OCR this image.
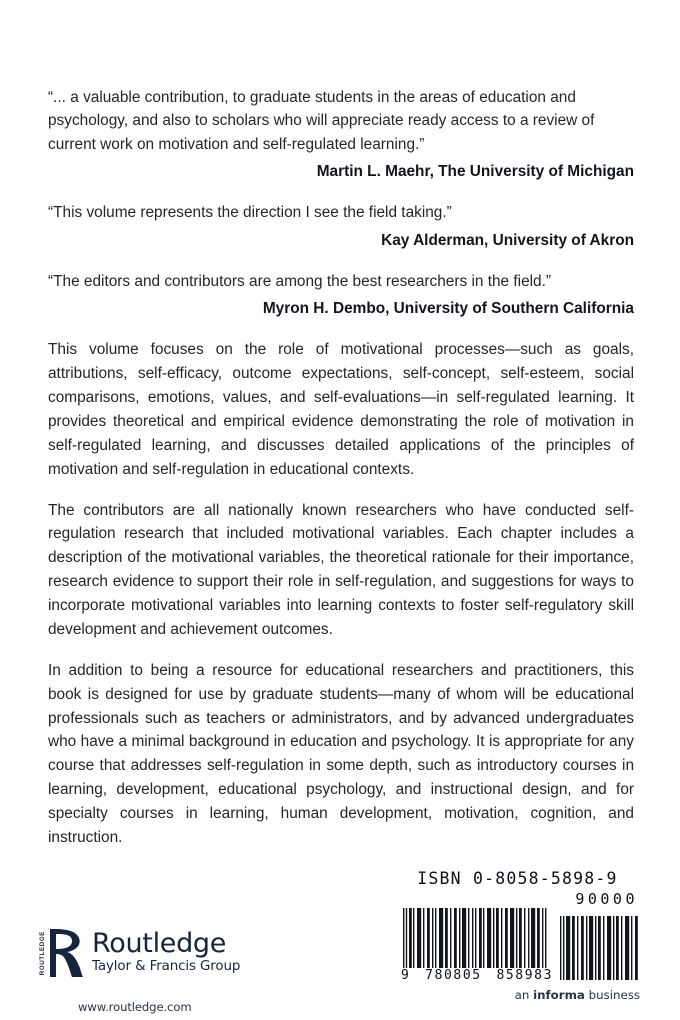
“... a valuable contribution, to graduate students in the areas of education and psychology, and also to scholars who will appreciate ready access to a review of current work on motivation and self-regulated learning.”

Martin L. Maehr, The University of Michigan

“This volume represents the direction I see the field taking.”

Kay Alderman, University of Akron

“The editors and contributors are among the best researchers in the field.”

Myron H. Dembo, University of Southern California

This volume focuses on the role of motivational processes—such as goals, attributions, self-efficacy, outcome expectations, self-concept, self-esteem, social comparisons, emotions, values, and self-evaluations—in self-regulated learning. It provides theoretical and empirical evidence demonstrating the role of motivation in self-regulated learning, and discusses detailed applications of the principles of motivation and self-regulation in educational contexts.

The contributors are all nationally known researchers who have conducted self-regulation research that included motivational variables. Each chapter includes a description of the motivational variables, the theoretical rationale for their importance, research evidence to support their role in self-regulation, and suggestions for ways to incorporate motivational variables into learning contexts to foster self-regulatory skill development and achievement outcomes.

In addition to being a resource for educational researchers and practitioners, this book is designed for use by graduate students—many of whom will be educational professionals such as teachers or administrators, and by advanced undergraduates who have a minimal background in education and psychology. It is appropriate for any course that addresses self-regulation in some depth, such as introductory courses in learning, development, educational psychology, and instructional design, and for specialty courses in learning, human development, motivation, cognition, and instruction.

ROUTLEDGE Routledge
Taylor & Francis Group
www.routledge.com
ISBN 0-8058-5898-9
90000
9 780805 858983
an informa business
